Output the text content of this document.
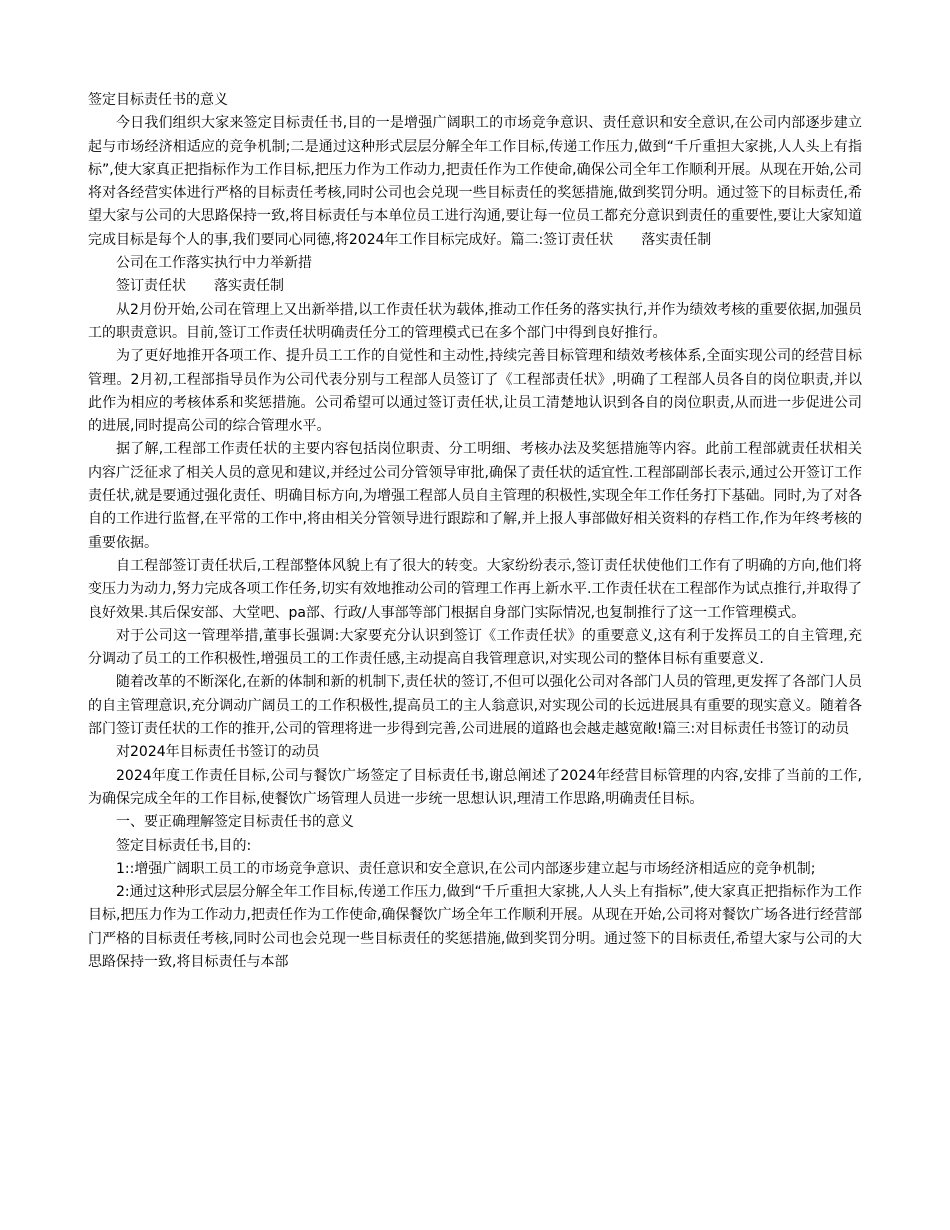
签定目标责任书的意义

今日我们组织大家来签定目标责任书,目的一是增强广阔职工的市场竞争意识、责任意识和安全意识,在公司内部逐步建立起与市场经济相适应的竞争机制;二是通过这种形式层层分解全年工作目标,传递工作压力,做到“千斤重担大家挑,人人头上有指标”,使大家真正把指标作为工作目标,把压力作为工作动力,把责任作为工作使命,确保公司全年工作顺利开展。从现在开始,公司将对各经营实体进行严格的目标责任考核,同时公司也会兑现一些目标责任的奖惩措施,做到奖罚分明。通过签下的目标责任,希望大家与公司的大思路保持一致,将目标责任与本单位员工进行沟通,要让每一位员工都充分意识到责任的重要性,要让大家知道完成目标是每个人的事,我们要同心同德,将2024年工作目标完成好。篇二:签订责任状　　落实责任制

公司在工作落实执行中力举新措

签订责任状　　落实责任制

从2月份开始,公司在管理上又出新举措,以工作责任状为载体,推动工作任务的落实执行,并作为绩效考核的重要依据,加强员工的职责意识。目前,签订工作责任状明确责任分工的管理模式已在多个部门中得到良好推行。

为了更好地推开各项工作、提升员工工作的自觉性和主动性,持续完善目标管理和绩效考核体系,全面实现公司的经营目标管理。2月初,工程部指导员作为公司代表分别与工程部人员签订了《工程部责任状》,明确了工程部人员各自的岗位职责,并以此作为相应的考核体系和奖惩措施。公司希望可以通过签订责任状,让员工清楚地认识到各自的岗位职责,从而进一步促进公司的进展,同时提高公司的综合管理水平。

据了解,工程部工作责任状的主要内容包括岗位职责、分工明细、考核办法及奖惩措施等内容。此前工程部就责任状相关内容广泛征求了相关人员的意见和建议,并经过公司分管领导审批,确保了责任状的适宜性.工程部副部长表示,通过公开签订工作责任状,就是要通过强化责任、明确目标方向,为增强工程部人员自主管理的积极性,实现全年工作任务打下基础。同时,为了对各自的工作进行监督,在平常的工作中,将由相关分管领导进行跟踪和了解,并上报人事部做好相关资料的存档工作,作为年终考核的重要依据。

自工程部签订责任状后,工程部整体风貌上有了很大的转变。大家纷纷表示,签订责任状使他们工作有了明确的方向,他们将变压力为动力,努力完成各项工作任务,切实有效地推动公司的管理工作再上新水平.工作责任状在工程部作为试点推行,并取得了良好效果.其后保安部、大堂吧、pa部、行政/人事部等部门根据自身部门实际情况,也复制推行了这一工作管理模式。

对于公司这一管理举措,董事长强调:大家要充分认识到签订《工作责任状》的重要意义,这有利于发挥员工的自主管理,充分调动了员工的工作积极性,增强员工的工作责任感,主动提高自我管理意识,对实现公司的整体目标有重要意义.

随着改革的不断深化,在新的体制和新的机制下,责任状的签订,不但可以强化公司对各部门人员的管理,更发挥了各部门人员的自主管理意识,充分调动广阔员工的工作积极性,提高员工的主人翁意识,对实现公司的长远进展具有重要的现实意义。随着各部门签订责任状的工作的推开,公司的管理将进一步得到完善,公司进展的道路也会越走越宽敞!篇三:对目标责任书签订的动员

对2024年目标责任书签订的动员

2024年度工作责任目标,公司与餐饮广场签定了目标责任书,谢总阐述了2024年经营目标管理的内容,安排了当前的工作,为确保完成全年的工作目标,使餐饮广场管理人员进一步统一思想认识,理清工作思路,明确责任目标。

一、要正确理解签定目标责任书的意义

签定目标责任书,目的:

1::增强广阔职工员工的市场竞争意识、责任意识和安全意识,在公司内部逐步建立起与市场经济相适应的竞争机制;

2:通过这种形式层层分解全年工作目标,传递工作压力,做到“千斤重担大家挑,人人头上有指标”,使大家真正把指标作为工作目标,把压力作为工作动力,把责任作为工作使命,确保餐饮广场全年工作顺利开展。从现在开始,公司将对餐饮广场各进行经营部门严格的目标责任考核,同时公司也会兑现一些目标责任的奖惩措施,做到奖罚分明。通过签下的目标责任,希望大家与公司的大思路保持一致,将目标责任与本部
